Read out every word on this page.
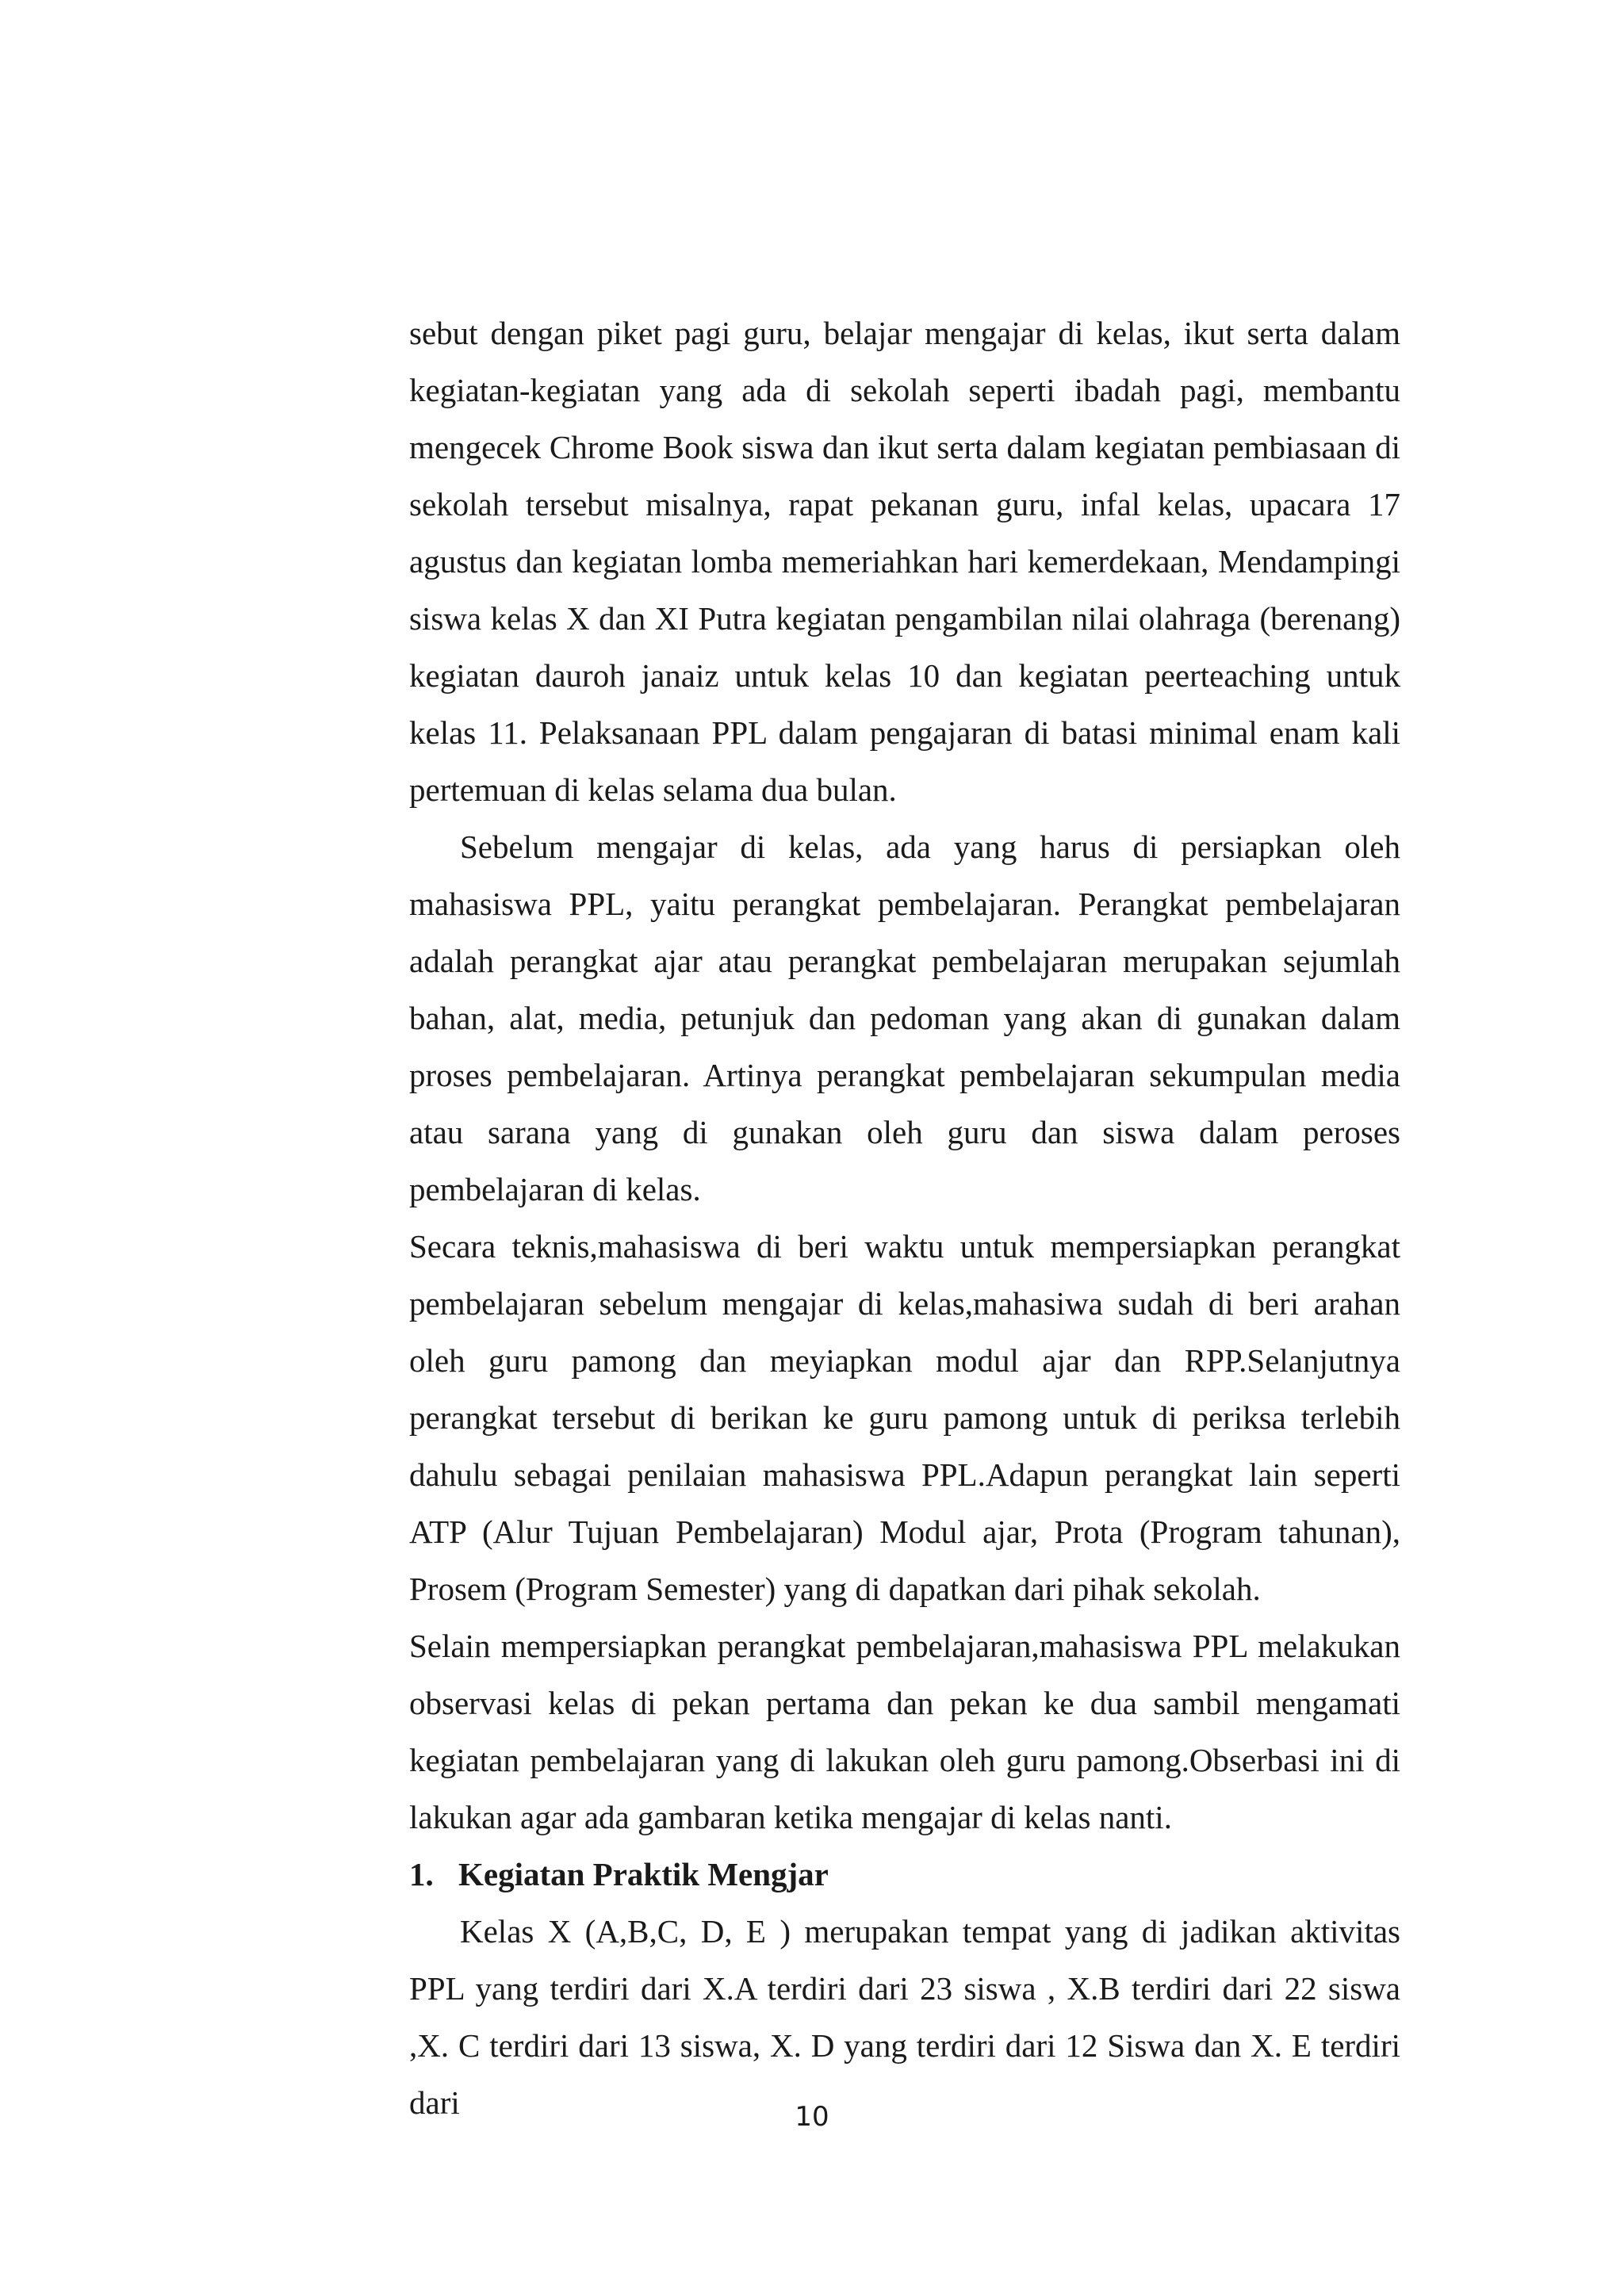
sebut dengan piket pagi guru, belajar mengajar di kelas, ikut serta dalam kegiatan-kegiatan yang ada di sekolah seperti ibadah pagi, membantu mengecek Chrome Book siswa dan ikut serta dalam kegiatan pembiasaan di sekolah tersebut misalnya, rapat pekanan guru, infal kelas, upacara 17 agustus dan kegiatan lomba memeriahkan hari kemerdekaan, Mendampingi siswa kelas X dan XI Putra kegiatan pengambilan nilai olahraga (berenang) kegiatan dauroh janaiz untuk kelas 10 dan kegiatan peerteaching untuk kelas 11. Pelaksanaan PPL dalam pengajaran di batasi minimal enam kali pertemuan di kelas selama dua bulan.

Sebelum mengajar di kelas, ada yang harus di persiapkan oleh mahasiswa PPL, yaitu perangkat pembelajaran. Perangkat pembelajaran adalah perangkat ajar atau perangkat pembelajaran merupakan sejumlah bahan, alat, media, petunjuk dan pedoman yang akan di gunakan dalam proses pembelajaran. Artinya perangkat pembelajaran sekumpulan media atau sarana yang di gunakan oleh guru dan siswa dalam peroses pembelajaran di kelas.

Secara teknis,mahasiswa di beri waktu untuk mempersiapkan perangkat pembelajaran sebelum mengajar di kelas,mahasiwa sudah di beri arahan oleh guru pamong dan meyiapkan modul ajar dan RPP.Selanjutnya perangkat tersebut di berikan ke guru pamong untuk di periksa terlebih dahulu sebagai penilaian mahasiswa PPL.Adapun perangkat lain seperti ATP (Alur Tujuan Pembelajaran) Modul ajar, Prota (Program tahunan), Prosem (Program Semester) yang di dapatkan dari pihak sekolah.

Selain mempersiapkan perangkat pembelajaran,mahasiswa PPL melakukan observasi kelas di pekan pertama dan pekan ke dua sambil mengamati kegiatan pembelajaran yang di lakukan oleh guru pamong.Obserbasi ini di lakukan agar ada gambaran ketika mengajar di kelas nanti.

1. Kegiatan Praktik Mengjar

Kelas X (A,B,C, D, E ) merupakan tempat yang di jadikan aktivitas PPL yang terdiri dari X.A terdiri dari 23 siswa , X.B terdiri dari 22 siswa ,X. C terdiri dari 13 siswa, X. D yang terdiri dari 12 Siswa dan X. E terdiri dari	10
